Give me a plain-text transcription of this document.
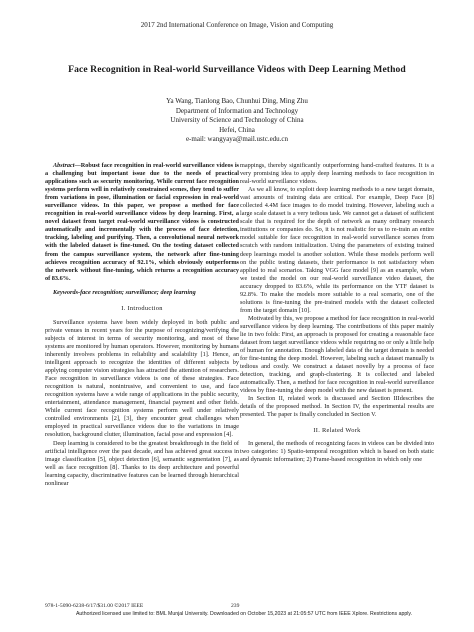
2017 2nd International Conference on Image, Vision and Computing
Face Recognition in Real-world Surveillance Videos with Deep Learning Method
Ya Wang, Tianlong Bao, Chunhui Ding, Ming Zhu
Department of Information and Technology
University of Science and Technology of China
Hefei, China
e-mail: wangyaya@mail.ustc.edu.cn

Abstract—Robust face recognition in real-world surveillance videos is a challenging but important issue due to the needs of practical applications such as security monitoring. While current face recognition systems perform well in relatively constrained scenes, they tend to suffer from variations in pose, illumination or facial expression in real-world surveillance videos. In this paper, we propose a method for face recognition in real-world surveillance videos by deep learning. First, a novel dataset from target real-world surveillance videos is constructed automatically and incrementally with the process of face detection, tracking, labeling and purifying. Then, a convolutional neural network with the labeled dataset is fine-tuned. On the testing dataset collected from the campus surveillance system, the network after fine-tuning achieves recognition accuracy of 92.1%, which obviously outperforms the network without fine-tuning, which returns a recognition accuracy of 83.6%.

Keywords-face recognition; surveillance; deep learning

I. Introduction

Surveillance systems have been widely deployed in both public and private venues in recent years for the purpose of recognizing/verifying the subjects of interest in terms of security monitoring, and most of these systems are monitored by human operators. However, monitoring by humans inherently involves problems in reliability and scalability [1]. Hence, an intelligent approach to recognize the identities of different subjects by applying computer vision strategies has attracted the attention of researchers. Face recognition in surveillance videos is one of these strategies. Face recognition is natural, nonintrusive, and convenient to use, and face recognition systems have a wide range of applications in the public security, entertainment, attendance management, financial payment and other fields. While current face recognition systems perform well under relatively controlled environments [2], [3], they encounter great challenges when employed in practical surveillance videos due to the variations in image resolution, background clutter, illumination, facial pose and expression [4].

Deep learning is considered to be the greatest breakthrough in the field of artificial intelligence over the past decade, and has achieved great success in image classification [5], object detection [6], semantic segmentation [7], as well as face recognition [8]. Thanks to its deep architecture and powerful learning capacity, discriminative features can be learned through hierarchical nonlinear

mappings, thereby significantly outperforming hand-crafted features. It is a very promising idea to apply deep learning methods to face recognition in real-world surveillance videos.

As we all know, to exploit deep learning methods to a new target domain, vast amounts of training data are critical. For example, Deep Face [8] collected 4.4M face images to do model training. However, labeling such a large scale dataset is a very tedious task. We cannot get a dataset of sufficient scale that is required for the depth of network as many ordinary research institutions or companies do. So, it is not realistic for us to re-train an entire model suitable for face recognition in real-world surveillance scenes from scratch with random initialization. Using the parameters of existing trained deep learnings model is another solution. While these models perform well on the public testing datasets, their performance is not satisfactory when applied to real scenarios. Taking VGG face model [9] as an example, when we tested the model on our real-world surveillance video dataset, the accuracy dropped to 83.6%, while its performance on the YTF dataset is 92.8%. To make the models more suitable to a real scenario, one of the solutions is fine-tuning the pre-trained models with the dataset collected from the target domain [10].

Motivated by this, we propose a method for face recognition in real-world surveillance videos by deep learning. The contributions of this paper mainly lie in two folds: First, an approach is proposed for creating a reasonable face dataset from target surveillance videos while requiring no or only a little help of human for annotation. Enough labeled data of the target domain is needed for fine-tuning the deep model. However, labeling such a dataset manually is tedious and costly. We construct a dataset novelly by a process of face detection, tracking, and graph-clustering. It is collected and labeled automatically. Then, a method for face recognition in real-world surveillance videos by fine-tuning the deep model with the new dataset is present.

In Section II, related work is discussed and Section IIIdescribes the details of the proposed method. In Section IV, the experimental results are presented. The paper is finally concluded in Section V.

II. Related Work

In general, the methods of recognizing faces in videos can be divided into two categories: 1) Spatio-temporal recognition which is based on both static and dynamic information; 2) Frame-based recognition in which only one

978-1-5090-6238-6/17/$31.00 ©2017 IEEE	239
Authorized licensed use limited to: BML Munjal University. Downloaded on October 15,2023 at 21:05:57 UTC from IEEE Xplore. Restrictions apply.
